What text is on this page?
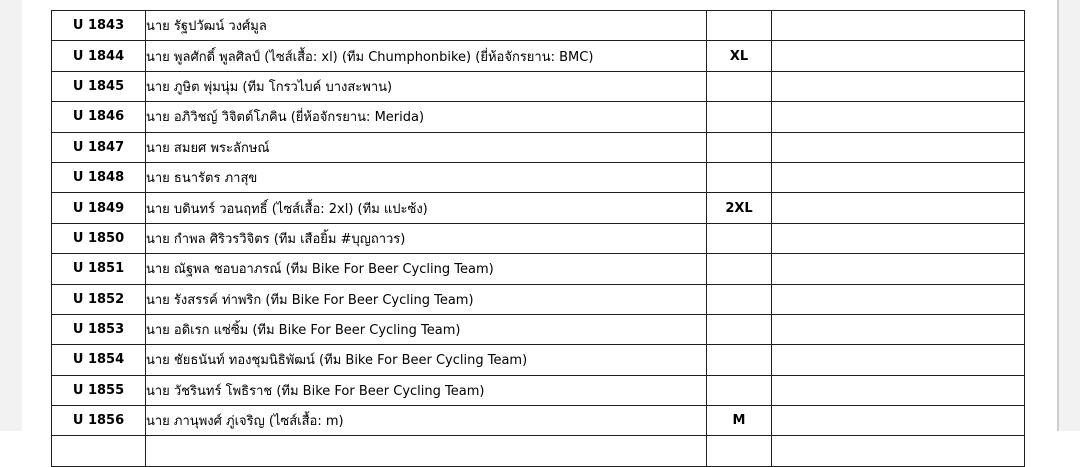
U 1843	นาย รัฐปวัฒน์ วงศ์มูล		
U 1844	นาย พูลศักดิ์ พูลศิลป์ (ไซส์เสื้อ: xl) (ทีม Chumphonbike) (ยี่ห้อจักรยาน: BMC)	XL	
U 1845	นาย ภูษิต พุ่มนุ่ม (ทีม โกรวไบค์ บางสะพาน)		
U 1846	นาย อภิวิชญ์ วิจิตต์โภคิน (ยี่ห้อจักรยาน: Merida)		
U 1847	นาย สมยศ พระลักษณ์		
U 1848	นาย ธนารัตร ภาสุข		
U 1849	นาย บดินทร์ วอนฤทธิ์ (ไซส์เสื้อ: 2xl) (ทีม แปะซ้ง)	2XL	
U 1850	นาย กำพล ศิริวรวิจิตร (ทีม เสือยิ้ม #บุญถาวร)		
U 1851	นาย ณัฐพล ชอบอาภรณ์ (ทีม Bike For Beer Cycling Team)		
U 1852	นาย รังสรรค์ ท่าพริก (ทีม Bike For Beer Cycling Team)		
U 1853	นาย อดิเรก แซ่ซิ้ม (ทีม Bike For Beer Cycling Team)		
U 1854	นาย ชัยธนันท์ ทองชุมนิธิพัฒน์ (ทีม Bike For Beer Cycling Team)		
U 1855	นาย วัชรินทร์ โพธิราช (ทีม Bike For Beer Cycling Team)		
U 1856	นาย ภานุพงศ์ ภู่เจริญ (ไซส์เสื้อ: m)	M	
